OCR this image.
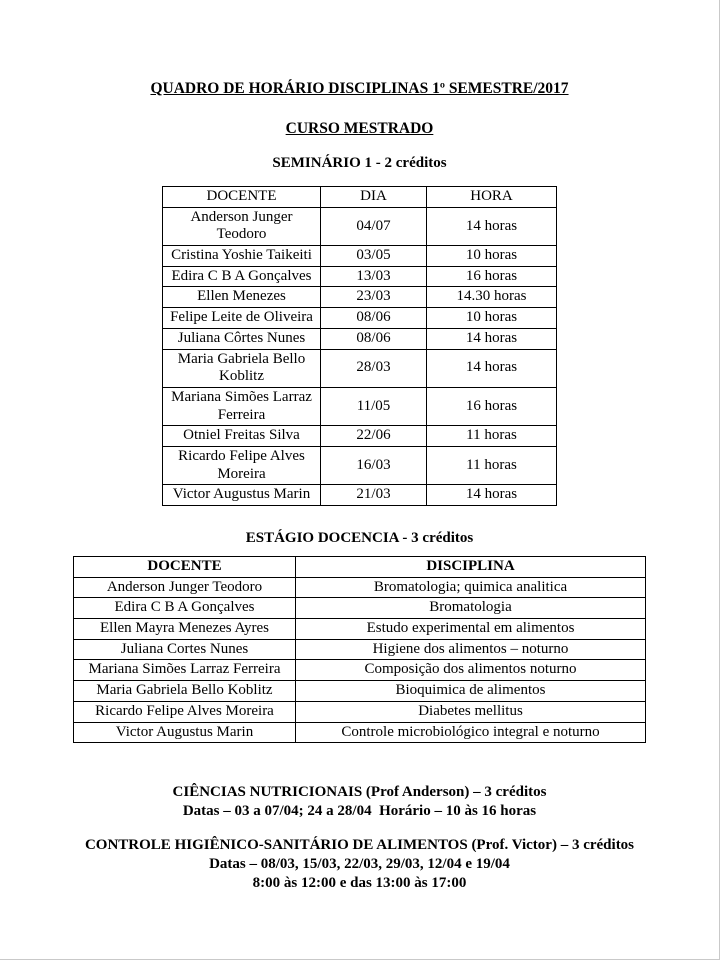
QUADRO DE HORÁRIO DISCIPLINAS 1º SEMESTRE/2017
CURSO MESTRADO
SEMINÁRIO 1 - 2 créditos
DOCENTE	DIA	HORA
Anderson Junger Teodoro	04/07	14 horas
Cristina Yoshie Taikeiti	03/05	10 horas
Edira C B A Gonçalves	13/03	16 horas
Ellen Menezes	23/03	14.30 horas
Felipe Leite de Oliveira	08/06	10 horas
Juliana Côrtes Nunes	08/06	14 horas
Maria Gabriela Bello Koblitz	28/03	14 horas
Mariana Simões Larraz Ferreira	11/05	16 horas
Otniel Freitas Silva	22/06	11 horas
Ricardo Felipe Alves Moreira	16/03	11 horas
Victor Augustus Marin	21/03	14 horas
ESTÁGIO DOCENCIA - 3 créditos
DOCENTE	DISCIPLINA
Anderson Junger Teodoro	Bromatologia; quimica analitica
Edira C B A Gonçalves	Bromatologia
Ellen Mayra Menezes Ayres	Estudo experimental em alimentos
Juliana Cortes Nunes	Higiene dos alimentos – noturno
Mariana Simões Larraz Ferreira	Composição dos alimentos noturno
Maria Gabriela Bello Koblitz	Bioquimica de alimentos
Ricardo Felipe Alves Moreira	Diabetes mellitus
Victor Augustus Marin	Controle microbiológico integral e noturno

CIÊNCIAS NUTRICIONAIS (Prof Anderson) – 3 créditos

Datas – 03 a 07/04; 24 a 28/04  Horário – 10 às 16 horas

CONTROLE HIGIÊNICO-SANITÁRIO DE ALIMENTOS (Prof. Victor) – 3 créditos

Datas – 08/03, 15/03, 22/03, 29/03, 12/04 e 19/04

8:00 às 12:00 e das 13:00 às 17:00
